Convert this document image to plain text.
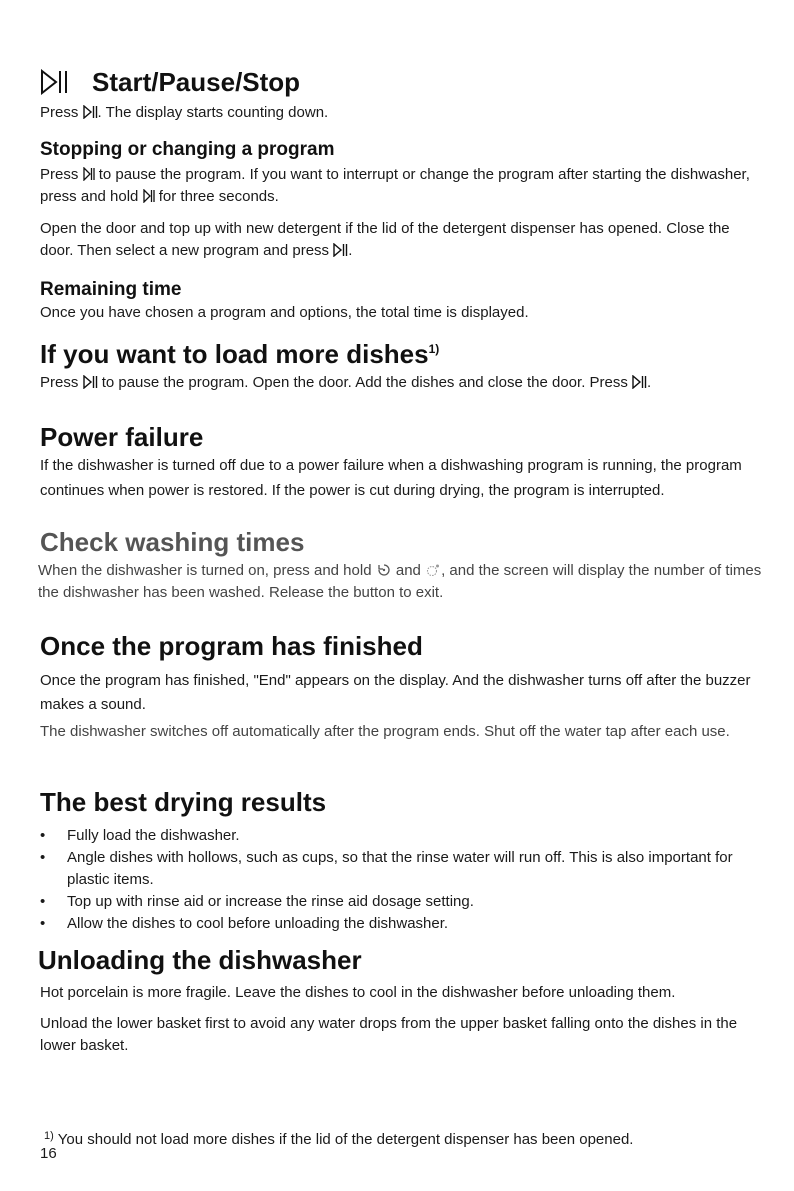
Start/Pause/Stop

Press . The display starts counting down.

Stopping or changing a program

Press to pause the program. If you want to interrupt or change the program after starting the dishwasher, press and hold for three seconds.

Open the door and top up with new detergent if the lid of the detergent dispenser has opened. Close the door. Then select a new program and press .

Remaining time

Once you have chosen a program and options, the total time is displayed.

If you want to load more dishes$^{1)}$

Press to pause the program. Open the door. Add the dishes and close the door. Press .

Power failure

If the dishwasher is turned off due to a power failure when a dishwashing program is running, the program continues when power is restored. If the power is cut during drying, the program is interrupted.

Check washing times

When the dishwasher is turned on, press and hold and , and the screen will display the number of times the dishwasher has been washed. Release the button to exit.

Once the program has finished

Once the program has finished, "End" appears on the display. And the dishwasher turns off after the buzzer makes a sound.

The dishwasher switches off automatically after the program ends. Shut off the water tap after each use.

The best drying results
• Fully load the dishwasher.
• Angle dishes with hollows, such as cups, so that the rinse water will run off. This is also important for plastic items.
• Top up with rinse aid or increase the rinse aid dosage setting.
• Allow the dishes to cool before unloading the dishwasher.
Unloading the dishwasher

Hot porcelain is more fragile. Leave the dishes to cool in the dishwasher before unloading them.

Unload the lower basket first to avoid any water drops from the upper basket falling onto the dishes in the lower basket.

$^{1)}$ You should not load more dishes if the lid of the detergent dispenser has been opened.

16
